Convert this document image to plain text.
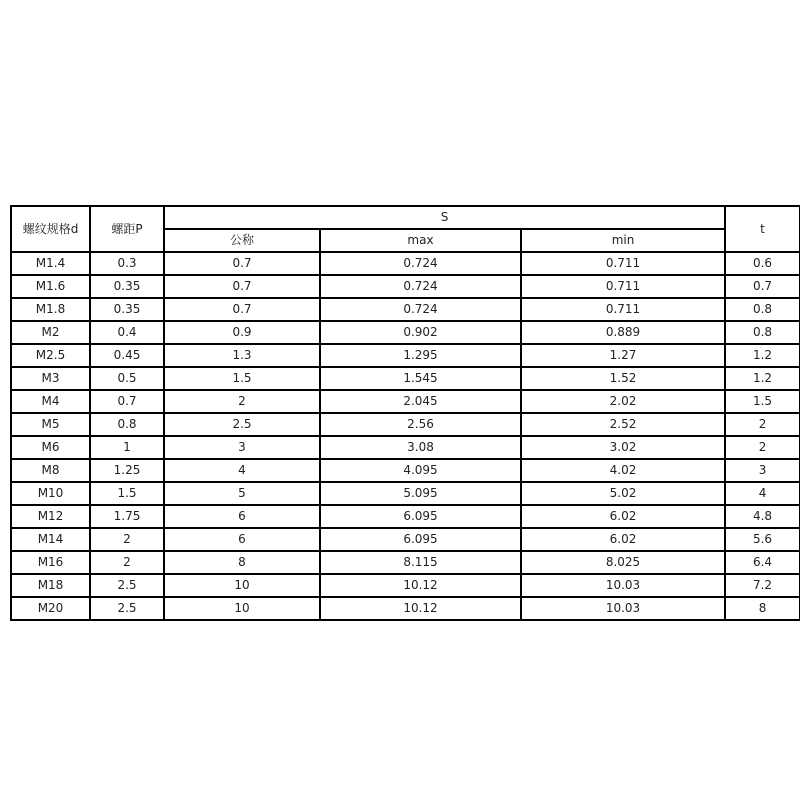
螺纹规格d	螺距P	S			t
		公称	max	min	
M1.4	0.3	0.7	0.724	0.711	0.6
M1.6	0.35	0.7	0.724	0.711	0.7
M1.8	0.35	0.7	0.724	0.711	0.8
M2	0.4	0.9	0.902	0.889	0.8
M2.5	0.45	1.3	1.295	1.27	1.2
M3	0.5	1.5	1.545	1.52	1.2
M4	0.7	2	2.045	2.02	1.5
M5	0.8	2.5	2.56	2.52	2
M6	1	3	3.08	3.02	2
M8	1.25	4	4.095	4.02	3
M10	1.5	5	5.095	5.02	4
M12	1.75	6	6.095	6.02	4.8
M14	2	6	6.095	6.02	5.6
M16	2	8	8.115	8.025	6.4
M18	2.5	10	10.12	10.03	7.2
M20	2.5	10	10.12	10.03	8
